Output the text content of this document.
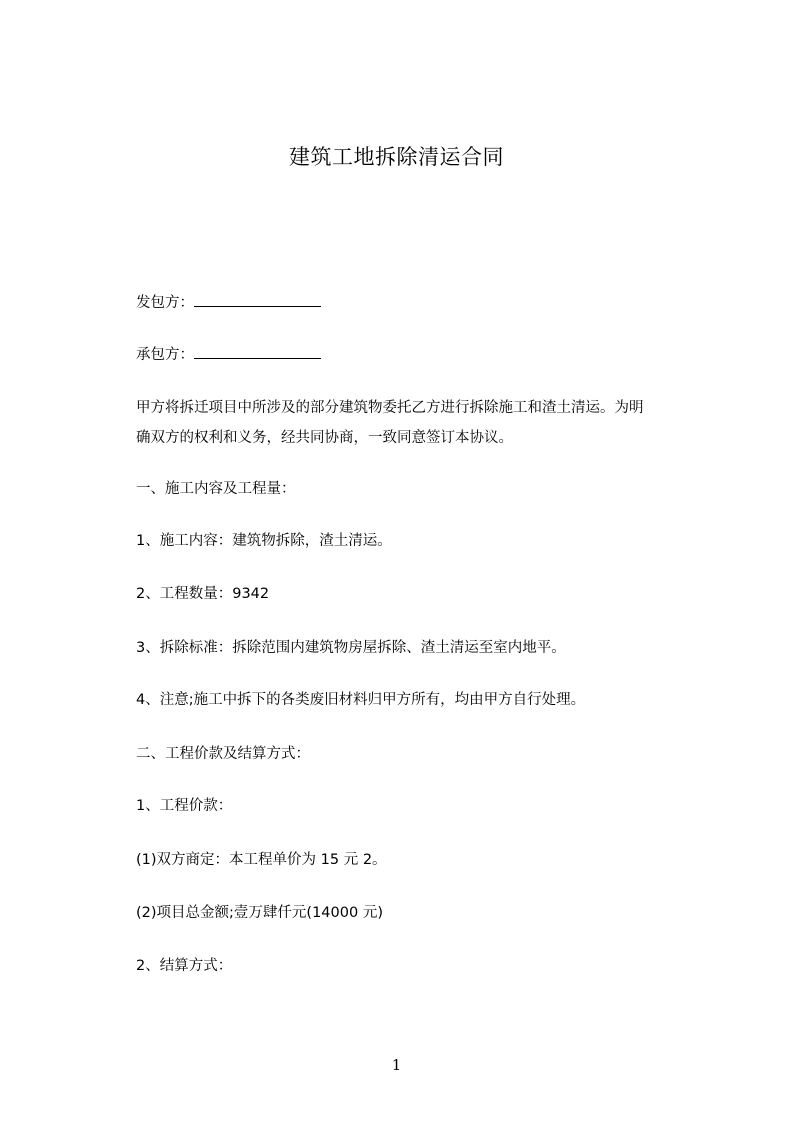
建筑工地拆除清运合同
发包方：
承包方：
甲方将拆迁项目中所涉及的部分建筑物委托乙方进行拆除施工和渣土清运。为明
确双方的权利和义务，经共同协商，一致同意签订本协议。
一、施工内容及工程量：
1、施工内容：建筑物拆除，渣土清运。
2、工程数量：9342
3、拆除标准：拆除范围内建筑物房屋拆除、渣土清运至室内地平。
4、注意;施工中拆下的各类废旧材料归甲方所有，均由甲方自行处理。
二、工程价款及结算方式：
1、工程价款：
(1)双方商定：本工程单价为 15 元 2。
(2)项目总金额;壹万肆仟元(14000 元)
2、结算方式：
1
